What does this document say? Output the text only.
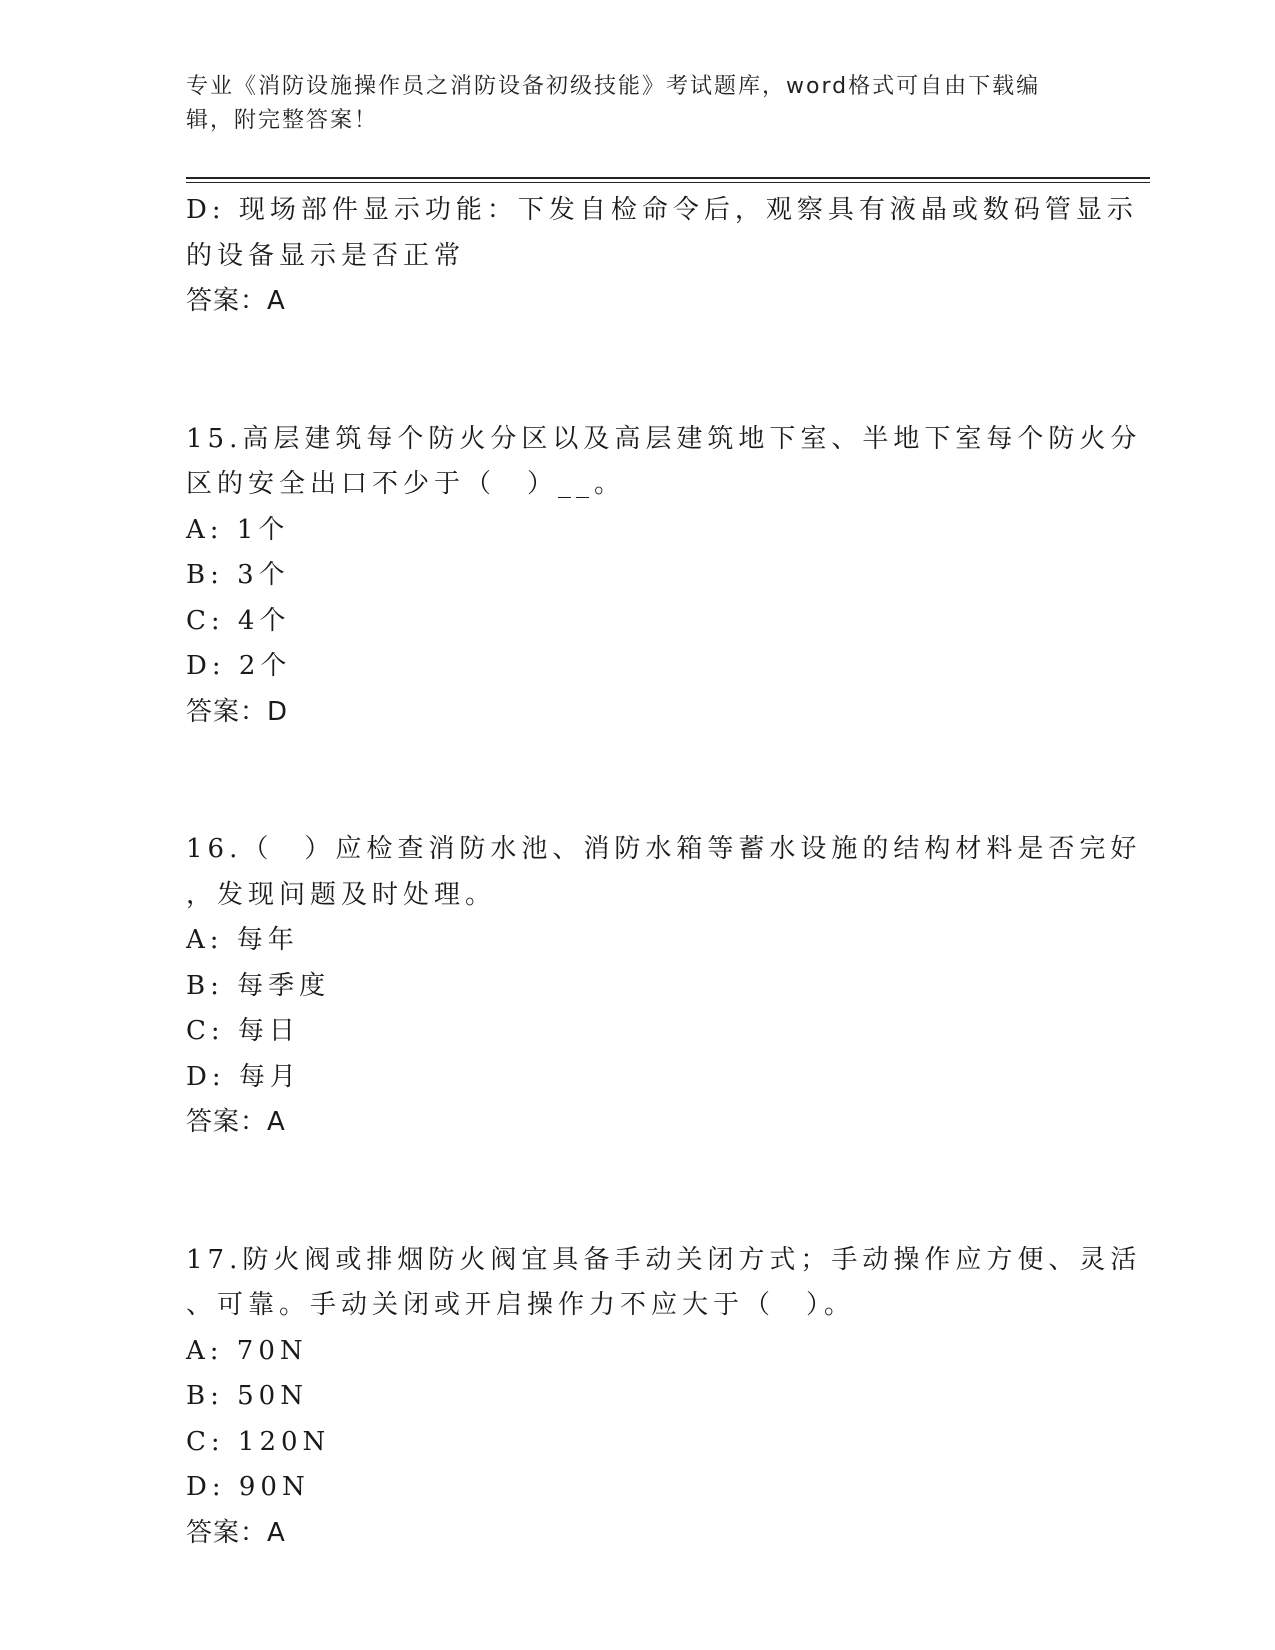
专业《消防设施操作员之消防设备初级技能》考试题库，word格式可自由下载编
辑，附完整答案！
D: 现场部件显示功能：下发自检命令后，观察具有液晶或数码管显示
的设备显示是否正常
答案：A
15.高层建筑每个防火分区以及高层建筑地下室、半地下室每个防火分
区的安全出口不少于（　）__。
A: 1个
B: 3个
C: 4个
D: 2个
答案：D
16.（　）应检查消防水池、消防水箱等蓄水设施的结构材料是否完好
，发现问题及时处理。
A: 每年
B: 每季度
C: 每日
D: 每月
答案：A
17.防火阀或排烟防火阀宜具备手动关闭方式；手动操作应方便、灵活
、可靠。手动关闭或开启操作力不应大于（　）。
A: 70N
B: 50N
C: 120N
D: 90N
答案：A
